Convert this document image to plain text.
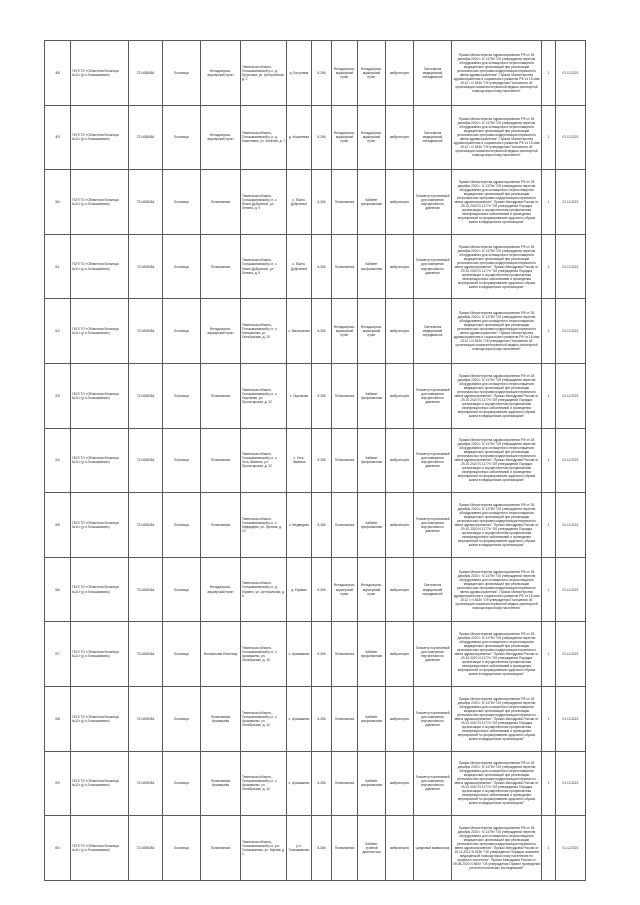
48	ГБУЗ ТО «Областная больница №11» (р.п.Голышманово)	7214008484	Больница	Фельдшерско-акушерский пункт	Тюменская область, Голышмановский р-н, д. Бутусовка, ул. Центральная, д. 2	д. Бутусовка	8.266	Фельдшерско-акушерский пункт	Фельдшерско-акушерский пункт	амбулаторно	Светильник медицинский передвижной	Приказ Министерства здравоохранения РФ от 28 декабря 2020 г. N 1379н "Об утверждении перечня оборудования для оснащения и переоснащения медицинских организаций при реализации региональных программ модернизации первичного звена здравоохранения". Приказ Министерства здравоохранения и социального развития РФ от 15 мая 2012 г. N 543н "Об утверждении Положения об организации оказания первичной медико-санитарной помощи взрослому населению"	1	01.12.2021
49	ГБУЗ ТО «Областная больница №11» (р.п.Голышманово)	7214008484	Больница	Фельдшерско-акушерский пункт	Тюменская область, Голышмановский р-н, д. Кошелевка, ул. Зелёная, д. 7	д. Кошелевка	8.266	Фельдшерско-акушерский пункт	Фельдшерско-акушерский пункт	амбулаторно	Светильник медицинский передвижной	Приказ Министерства здравоохранения РФ от 28 декабря 2020 г. N 1379н "Об утверждении перечня оборудования для оснащения и переоснащения медицинских организаций при реализации региональных программ модернизации первичного звена здравоохранения". Приказ Министерства здравоохранения и социального развития РФ от 15 мая 2012 г. N 543н "Об утверждении Положения об организации оказания первичной медико-санитарной помощи взрослому населению"	1	01.12.2021
50	ГБУЗ ТО «Областная больница №11» (р.п.Голышманово)	7214008484	Больница	Поликлиника	Тюменская область, Голышмановский р-н, с. Южно-Дубровное, ул. Ленина, д. 9	с. Южно-Дубровное	8.266	Поликлиника	Кабинет профилактики	амбулаторно	Тонометр портативный для измерения внутриглазного давления	Приказ Министерства здравоохранения РФ от 28 декабря 2020 г. N 1379н "Об утверждении перечня оборудования для оснащения и переоснащения медицинских организаций при реализации региональных программ модернизации первичного звена здравоохранения". Приказ Минздрава России от 29.10.2020 N 1177н "Об утверждении Порядка организации и осуществления профилактики неинфекционных заболеваний и проведения мероприятий по формированию здорового образа жизни в медицинских организациях"	1	01.12.2021
51	ГБУЗ ТО «Областная больница №11» (р.п.Голышманово)	7214008484	Больница	Поликлиника	Тюменская область, Голышмановский р-н, с. Южно-Дубровное, ул. Ленина, д. 9	с. Южно-Дубровное	8.266	Поликлиника	Кабинет профилактики	амбулаторно	Тонометр портативный для измерения внутриглазного давления	Приказ Министерства здравоохранения РФ от 28 декабря 2020 г. N 1379н "Об утверждении перечня оборудования для оснащения и переоснащения медицинских организаций при реализации региональных программ модернизации первичного звена здравоохранения". Приказ Минздрава России от 29.10.2020 N 1177н "Об утверждении Порядка организации и осуществления профилактики неинфекционных заболеваний и проведения мероприятий по формированию здорового образа жизни в медицинских организациях"	1	01.12.2021
52	ГБУЗ ТО «Областная больница №11» (р.п.Голышманово)	7214008484	Больница	Фельдшерско-акушерский пункт	Тюменская область, Голышмановский р-н, с. Малышенка, ул. Октябрьская, д. 20	с. Малышенка	8.266	Фельдшерско-акушерский пункт	Фельдшерско-акушерский пункт	амбулаторно	Светильник медицинский передвижной	Приказ Министерства здравоохранения РФ от 28 декабря 2020 г. N 1379н "Об утверждении перечня оборудования для оснащения и переоснащения медицинских организаций при реализации региональных программ модернизации первичного звена здравоохранения". Приказ Министерства здравоохранения и социального развития РФ от 15 мая 2012 г. N 543н "Об утверждении Положения об организации оказания первичной медико-санитарной помощи взрослому населению"	1	01.12.2021
53	ГБУЗ ТО «Областная больница №11» (р.п.Голышманово)	7214008484	Больница	Поликлиника	Тюменская область, Голышмановский р-н, с. Ощепково, ул. Пролетарская, д. 22	с. Ощепково	8.266	Поликлиника	Кабинет профилактики	амбулаторно	Тонометр портативный для измерения внутриглазного давления	Приказ Министерства здравоохранения РФ от 28 декабря 2020 г. N 1379н "Об утверждении перечня оборудования для оснащения и переоснащения медицинских организаций при реализации региональных программ модернизации первичного звена здравоохранения". Приказ Минздрава России от 29.10.2020 N 1177н "Об утверждении Порядка организации и осуществления профилактики неинфекционных заболеваний и проведения мероприятий по формированию здорового образа жизни в медицинских организациях"	1	01.12.2021
54	ГБУЗ ТО «Областная больница №11» (р.п.Голышманово)	7214008484	Больница	Поликлиника	Тюменская область, Голышмановский р-н, с. Усть-Ламенка, ул. Пролетарская, д. 22	с. Усть-Ламенка	8.266	Поликлиника	Кабинет профилактики	амбулаторно	Тонометр портативный для измерения внутриглазного давления	Приказ Министерства здравоохранения РФ от 28 декабря 2020 г. N 1379н "Об утверждении перечня оборудования для оснащения и переоснащения медицинских организаций при реализации региональных программ модернизации первичного звена здравоохранения". Приказ Минздрава России от 29.10.2020 N 1177н "Об утверждении Порядка организации и осуществления профилактики неинфекционных заболеваний и проведения мероприятий по формированию здорового образа жизни в медицинских организациях"	1	01.12.2021
55	ГБУЗ ТО «Областная больница №11» (р.п.Голышманово)	7214008484	Больница	Поликлиника	Тюменская область, Голышмановский р-н, с. Медведево, ул. Луговая, д. 23	с. Медведево	8.266	Поликлиника	Кабинет профилактики	амбулаторно	Тонометр портативный для измерения внутриглазного давления	Приказ Министерства здравоохранения РФ от 28 декабря 2020 г. N 1379н "Об утверждении перечня оборудования для оснащения и переоснащения медицинских организаций при реализации региональных программ модернизации первичного звена здравоохранения". Приказ Минздрава России от 29.10.2020 N 1177н "Об утверждении Порядка организации и осуществления профилактики неинфекционных заболеваний и проведения мероприятий по формированию здорового образа жизни в медицинских организациях"	1	01.12.2021
56	ГБУЗ ТО «Областная больница №11» (р.п.Голышманово)	7214008484	Больница	Фельдшерско-акушерский пункт	Тюменская область, Голышмановский р-н, д. Ефаево, ул. Центральная, д. 5	д. Ефаево	8.266	Фельдшерско-акушерский пункт	Фельдшерско-акушерский пункт	амбулаторно	Светильник медицинский передвижной	Приказ Министерства здравоохранения РФ от 28 декабря 2020 г. N 1379н "Об утверждении перечня оборудования для оснащения и переоснащения медицинских организаций при реализации региональных программ модернизации первичного звена здравоохранения". Приказ Министерства здравоохранения и социального развития РФ от 15 мая 2012 г. N 543н "Об утверждении Положения об организации оказания первичной медико-санитарной помощи взрослому населению"	1	01.12.2021
57	ГБУЗ ТО «Областная больница №11» (р.п.Голышманово)	7214008484	Больница	Филиальная больница	Тюменская область, Голышмановский р-н, с. Аромашево, ул. Октябрьская, д. 10	с. Аромашево	8.266	Поликлиника	Кабинет профилактики	амбулаторно	Тонометр портативный для измерения внутриглазного давления	Приказ Министерства здравоохранения РФ от 28 декабря 2020 г. N 1379н "Об утверждении перечня оборудования для оснащения и переоснащения медицинских организаций при реализации региональных программ модернизации первичного звена здравоохранения". Приказ Минздрава России от 29.10.2020 N 1177н "Об утверждении Порядка организации и осуществления профилактики неинфекционных заболеваний и проведения мероприятий по формированию здорового образа жизни в медицинских организациях"	1	01.12.2021
58	ГБУЗ ТО «Областная больница №11» (р.п.Голышманово)	7214008484	Больница	Поликлиника Аромашево	Тюменская область, Голышмановский р-н, с. Аромашево, ул. Октябрьская, д. 10	с. Аромашево	8.266	Поликлиника	Кабинет профилактики	амбулаторно	Тонометр портативный для измерения внутриглазного давления	Приказ Министерства здравоохранения РФ от 28 декабря 2020 г. N 1379н "Об утверждении перечня оборудования для оснащения и переоснащения медицинских организаций при реализации региональных программ модернизации первичного звена здравоохранения". Приказ Минздрава России от 29.10.2020 N 1177н "Об утверждении Порядка организации и осуществления профилактики неинфекционных заболеваний и проведения мероприятий по формированию здорового образа жизни в медицинских организациях"	1	01.12.2021
59	ГБУЗ ТО «Областная больница №11» (р.п.Голышманово)	7214008484	Больница	Поликлиника Аромашево	Тюменская область, Голышмановский р-н, с. Аромашево, ул. Октябрьская, д. 10	с. Аромашево	8.266	Поликлиника	Кабинет профилактики	амбулаторно	Тонометр портативный для измерения внутриглазного давления	Приказ Министерства здравоохранения РФ от 28 декабря 2020 г. N 1379н "Об утверждении перечня оборудования для оснащения и переоснащения медицинских организаций при реализации региональных программ модернизации первичного звена здравоохранения". Приказ Минздрава России от 29.10.2020 N 1177н "Об утверждении Порядка организации и осуществления профилактики неинфекционных заболеваний и проведения мероприятий по формированию здорового образа жизни в медицинских организациях"	1	01.12.2021
60	ГБУЗ ТО «Областная больница №11» (р.п.Голышманово)	7214008484	Больница	Поликлиника	Тюменская область, Голышмановский р-н, р.п. Голышманово, ул. Кирова, д. 1	р.п. Голышманово	8.266	Поликлиника	Кабинет лучевой диагностики	амбулаторно	Цифровой маммограф	Приказ Министерства здравоохранения РФ от 28 декабря 2020 г. N 1379н "Об утверждении перечня оборудования для оснащения и переоснащения медицинских организаций при реализации региональных программ модернизации первичного звена здравоохранения". Приказ Минздрава России от 15.11.2012 N 915н "Об утверждении Порядка оказания медицинской помощи взрослому населению по профилю онкология". Приказ Минздрава России от 09.06.2020 N 560н "Об утверждении Правил проведения рентгенологических исследований"	1	01.12.2021
